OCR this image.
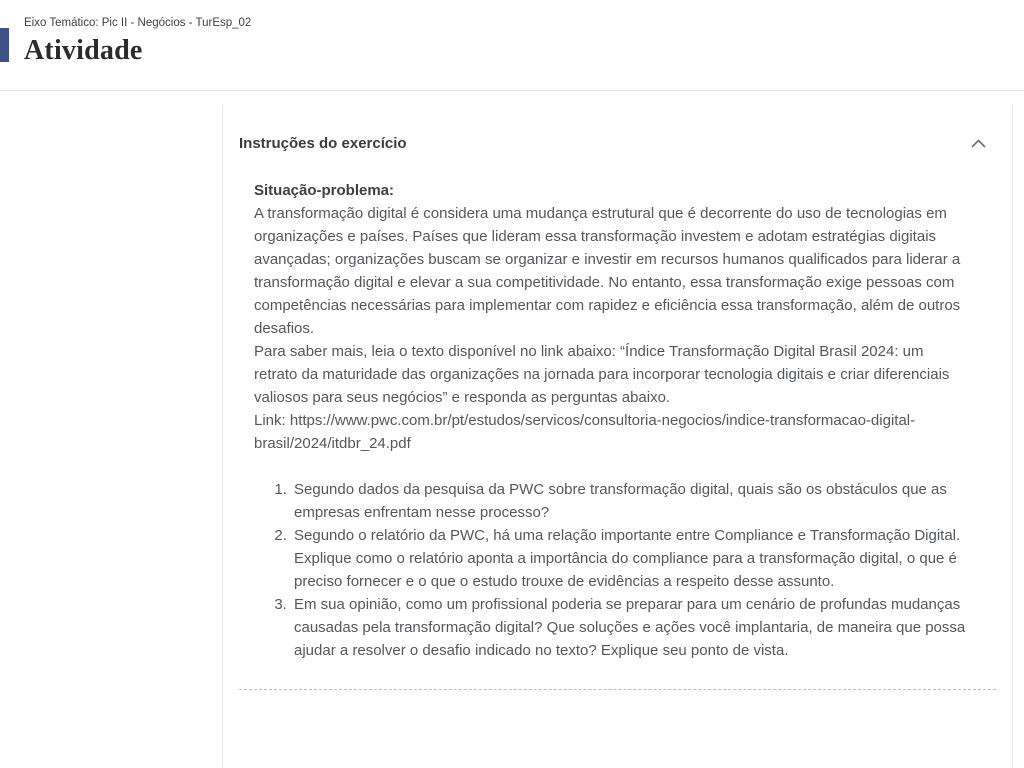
Eixo Temático: Pic II - Negócios - TurEsp_02
Atividade
Instruções do exercício
Situação-problema:

A transformação digital é considera uma mudança estrutural que é decorrente do uso de tecnologias em organizações e países. Países que lideram essa transformação investem e adotam estratégias digitais avançadas; organizações buscam se organizar e investir em recursos humanos qualificados para liderar a transformação digital e elevar a sua competitividade. No entanto, essa transformação exige pessoas com competências necessárias para implementar com rapidez e eficiência essa transformação, além de outros desafios.

Para saber mais, leia o texto disponível no link abaixo: “Índice Transformação Digital Brasil 2024: um retrato da maturidade das organizações na jornada para incorporar tecnologia digitais e criar diferenciais valiosos para seus negócios” e responda as perguntas abaixo.

Link: https://www.pwc.com.br/pt/estudos/servicos/consultoria-negocios/indice-transformacao-digital-brasil/2024/itdbr_24.pdf

1. Segundo dados da pesquisa da PWC sobre transformação digital, quais são os obstáculos que as empresas enfrentam nesse processo?
2. Segundo o relatório da PWC, há uma relação importante entre Compliance e Transformação Digital. Explique como o relatório aponta a importância do compliance para a transformação digital, o que é preciso fornecer e o que o estudo trouxe de evidências a respeito desse assunto.
3. Em sua opinião, como um profissional poderia se preparar para um cenário de profundas mudanças causadas pela transformação digital? Que soluções e ações você implantaria, de maneira que possa ajudar a resolver o desafio indicado no texto? Explique seu ponto de vista.
